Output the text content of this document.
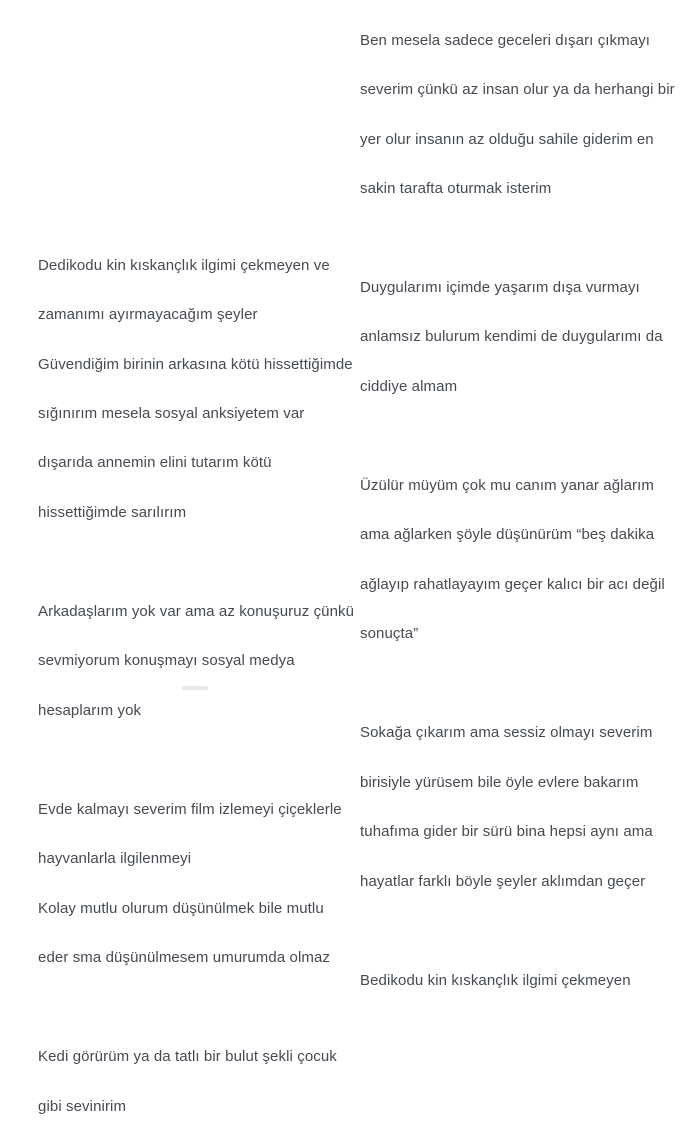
Dedikodu kin kıskançlık ilgimi çekmeyen ve

zamanımı ayırmayacağım şeyler

Güvendiğim birinin arkasına kötü hissettiğimde

sığınırım mesela sosyal anksiyetem var

dışarıda annemin elini tutarım kötü

hissettiğimde sarılırım

Arkadaşlarım yok var ama az konuşuruz çünkü

sevmiyorum konuşmayı sosyal medya

hesaplarım yok

Evde kalmayı severim film izlemeyi çiçeklerle

hayvanlarla ilgilenmeyi

Kolay mutlu olurum düşünülmek bile mutlu

eder sma düşünülmesem umurumda olmaz

Kedi görürüm ya da tatlı bir bulut şekli çocuk

gibi sevinirim

Ben mesela sadece geceleri dışarı çıkmayı

severim çünkü az insan olur ya da herhangi bir

yer olur insanın az olduğu sahile giderim en

sakin tarafta oturmak isterim

Duygularımı içimde yaşarım dışa vurmayı

anlamsız bulurum kendimi de duygularımı da

ciddiye almam

Üzülür müyüm çok mu canım yanar ağlarım

ama ağlarken şöyle düşünürüm “beş dakika

ağlayıp rahatlayayım geçer kalıcı bir acı değil

sonuçta”

Sokağa çıkarım ama sessiz olmayı severim

birisiyle yürüsem bile öyle evlere bakarım

tuhafıma gider bir sürü bina hepsi aynı ama

hayatlar farklı böyle şeyler aklımdan geçer

Bedikodu kin kıskançlık ilgimi çekmeyen
